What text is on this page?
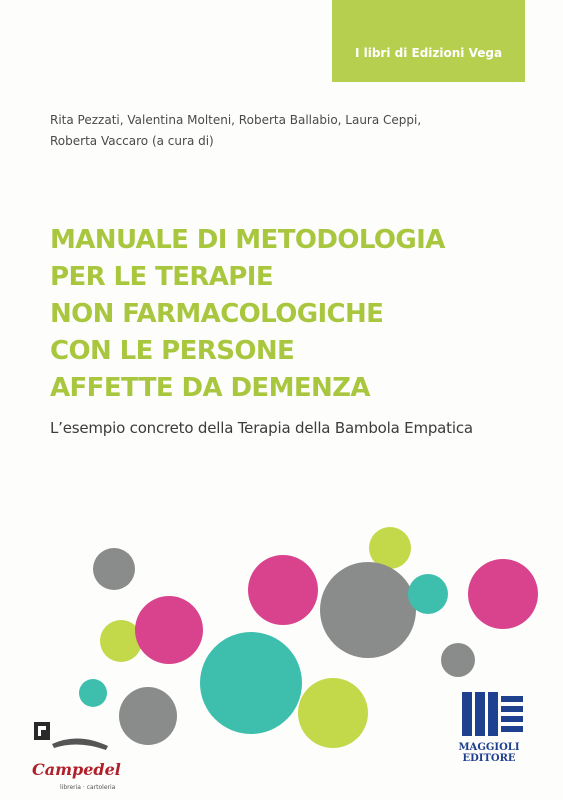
I libri di Edizioni Vega
Rita Pezzati, Valentina Molteni, Roberta Ballabio, Laura Ceppi,
Roberta Vaccaro (a cura di)
MANUALE DI METODOLOGIA
PER LE TERAPIE
NON FARMACOLOGICHE
CON LE PERSONE
AFFETTE DA DEMENZA
L’esempio concreto della Terapia della Bambola Empatica
MAGGIOLI
EDITORE
Campedel
libreria · cartoleria
